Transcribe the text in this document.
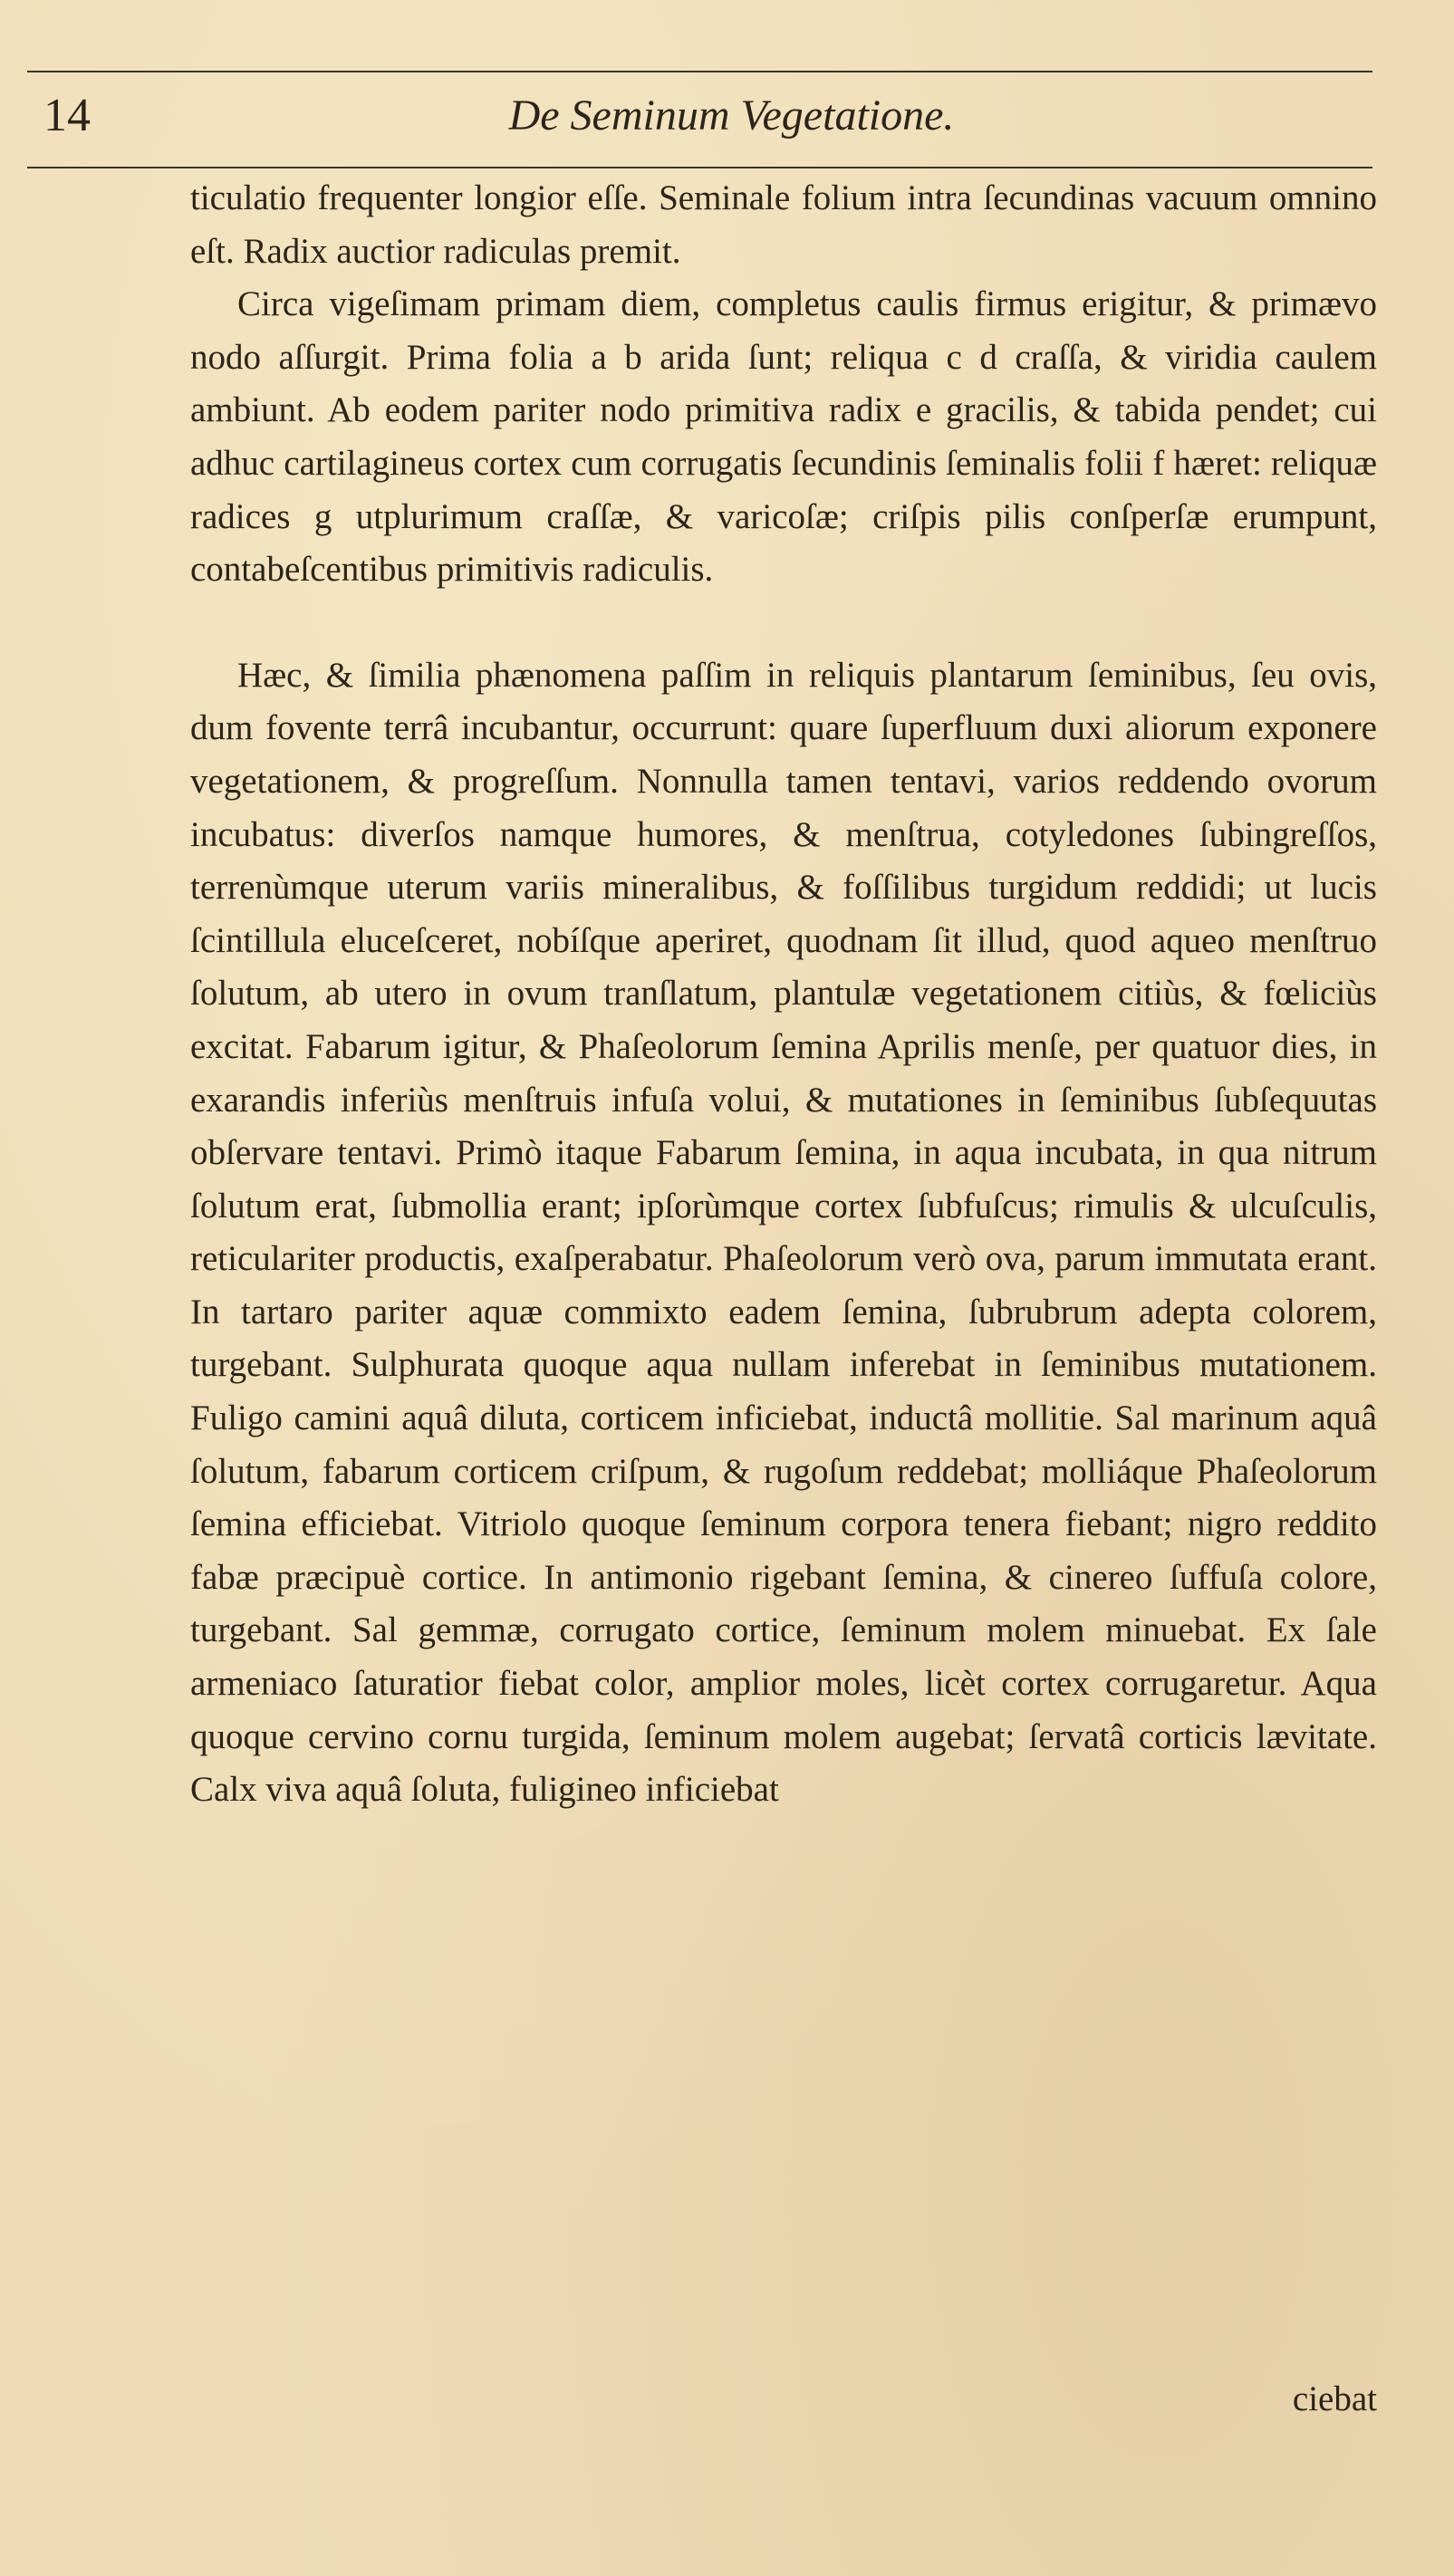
14	De Seminum Vegetatione.

ticulatio frequenter longior eſſe. Seminale folium intra ſecundinas vacuum omnino eſt. Radix auctior radiculas premit.

Circa vigeſimam primam diem, completus caulis firmus erigitur, & primævo nodo aſſurgit. Prima folia a b arida ſunt; reliqua c d craſſa, & viridia caulem ambiunt. Ab eodem pariter nodo primitiva radix e gracilis, & tabida pendet; cui adhuc cartilagineus cortex cum corrugatis ſecundinis ſeminalis folii f hæret: reliquæ radices g utplurimum craſſæ, & varicoſæ; criſpis pilis conſperſæ erumpunt, contabeſcentibus primitivis radiculis.

Hæc, & ſimilia phænomena paſſim in reliquis plantarum ſeminibus, ſeu ovis, dum fovente terrâ incubantur, occurrunt: quare ſuperfluum duxi aliorum exponere vegetationem, & progreſſum. Nonnulla tamen tentavi, varios reddendo ovorum incubatus: diverſos namque humores, & menſtrua, cotyledones ſubingreſſos, terrenùmque uterum variis mineralibus, & foſſilibus turgidum reddidi; ut lucis ſcintillula eluceſceret, nobíſque aperiret, quodnam ſit illud, quod aqueo menſtruo ſolutum, ab utero in ovum tranſlatum, plantulæ vegetationem citiùs, & fœliciùs excitat. Fabarum igitur, & Phaſeolorum ſemina Aprilis menſe, per quatuor dies, in exarandis inferiùs menſtruis infuſa volui, & mutationes in ſeminibus ſubſequutas obſervare tentavi. Primò itaque Fabarum ſemina, in aqua incubata, in qua nitrum ſolutum erat, ſubmollia erant; ipſorùmque cortex ſubfuſcus; rimulis & ulcuſculis, reticulariter productis, exaſperabatur. Phaſeolorum verò ova, parum immutata erant. In tartaro pariter aquæ commixto eadem ſemina, ſubrubrum adepta colorem, turgebant. Sulphurata quoque aqua nullam inferebat in ſeminibus mutationem. Fuligo camini aquâ diluta, corticem inficiebat, inductâ mollitie. Sal marinum aquâ ſolutum, fabarum corticem criſpum, & rugoſum reddebat; molliáque Phaſeolorum ſemina efficiebat. Vitriolo quoque ſeminum corpora tenera fiebant; nigro reddito fabæ præcipuè cortice. In antimonio rigebant ſemina, & cinereo ſuffuſa colore, turgebant. Sal gemmæ, corrugato cortice, ſeminum molem minuebat. Ex ſale armeniaco ſaturatior fiebat color, amplior moles, licèt cortex corrugaretur. Aqua quoque cervino cornu turgida, ſeminum molem augebat; ſervatâ corticis lævitate. Calx viva aquâ ſoluta, fuligineo inficiebat

ciebat
